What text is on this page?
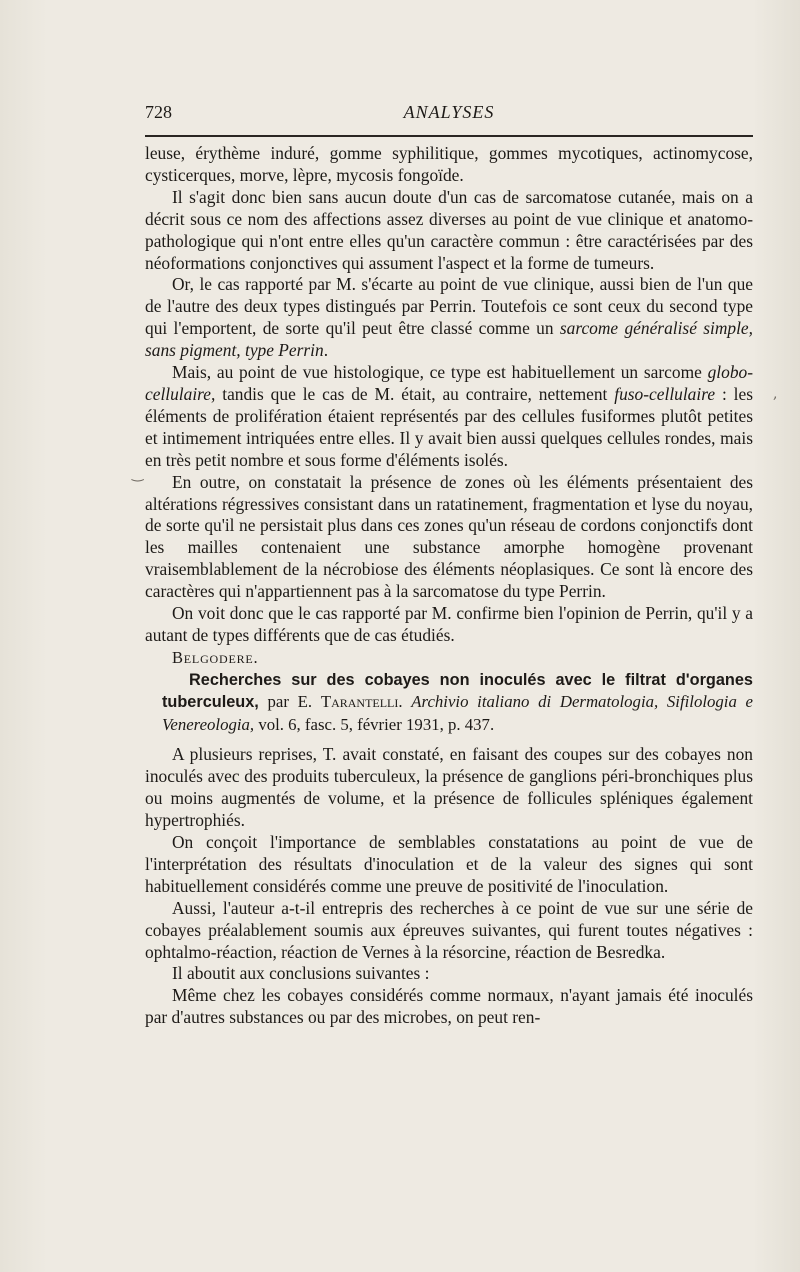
728	ANALYSES

leuse, érythème induré, gomme syphilitique, gommes mycotiques, actinomycose, cysticerques, morve, lèpre, mycosis fongoïde.

Il s'agit donc bien sans aucun doute d'un cas de sarcomatose cutanée, mais on a décrit sous ce nom des affections assez diverses au point de vue clinique et anatomo-pathologique qui n'ont entre elles qu'un caractère commun : être caractérisées par des néoformations conjonctives qui assument l'aspect et la forme de tumeurs.

Or, le cas rapporté par M. s'écarte au point de vue clinique, aussi bien de l'un que de l'autre des deux types distingués par Perrin. Toutefois ce sont ceux du second type qui l'emportent, de sorte qu'il peut être classé comme un sarcome généralisé simple, sans pigment, type Perrin.

Mais, au point de vue histologique, ce type est habituellement un sarcome globo-cellulaire, tandis que le cas de M. était, au contraire, nettement fuso-cellulaire : les éléments de prolifération étaient représentés par des cellules fusiformes plutôt petites et intimement intriquées entre elles. Il y avait bien aussi quelques cellules rondes, mais en très petit nombre et sous forme d'éléments isolés.

En outre, on constatait la présence de zones où les éléments présentaient des altérations régressives consistant dans un ratatinement, fragmentation et lyse du noyau, de sorte qu'il ne persistait plus dans ces zones qu'un réseau de cordons conjonctifs dont les mailles contenaient une substance amorphe homogène provenant vraisemblablement de la nécrobiose des éléments néoplasiques. Ce sont là encore des caractères qui n'appartiennent pas à la sarcomatose du type Perrin.

On voit donc que le cas rapporté par M. confirme bien l'opinion de Perrin, qu'il y a autant de types différents que de cas étudiés.

Belgodere.

Recherches sur des cobayes non inoculés avec le filtrat d'organes tuberculeux, par E. Tarantelli. Archivio italiano di Dermatologia, Sifilologia e Venereologia, vol. 6, fasc. 5, février 1931, p. 437.

A plusieurs reprises, T. avait constaté, en faisant des coupes sur des cobayes non inoculés avec des produits tuberculeux, la présence de ganglions péri-bronchiques plus ou moins augmentés de volume, et la présence de follicules spléniques également hypertrophiés.

On conçoit l'importance de semblables constatations au point de vue de l'interprétation des résultats d'inoculation et de la valeur des signes qui sont habituellement considérés comme une preuve de positivité de l'inoculation.

Aussi, l'auteur a-t-il entrepris des recherches à ce point de vue sur une série de cobayes préalablement soumis aux épreuves suivantes, qui furent toutes négatives : ophtalmo-réaction, réaction de Vernes à la résorcine, réaction de Besredka.

Il aboutit aux conclusions suivantes :

Même chez les cobayes considérés comme normaux, n'ayant jamais été inoculés par d'autres substances ou par des microbes, on peut ren-

‿
,
